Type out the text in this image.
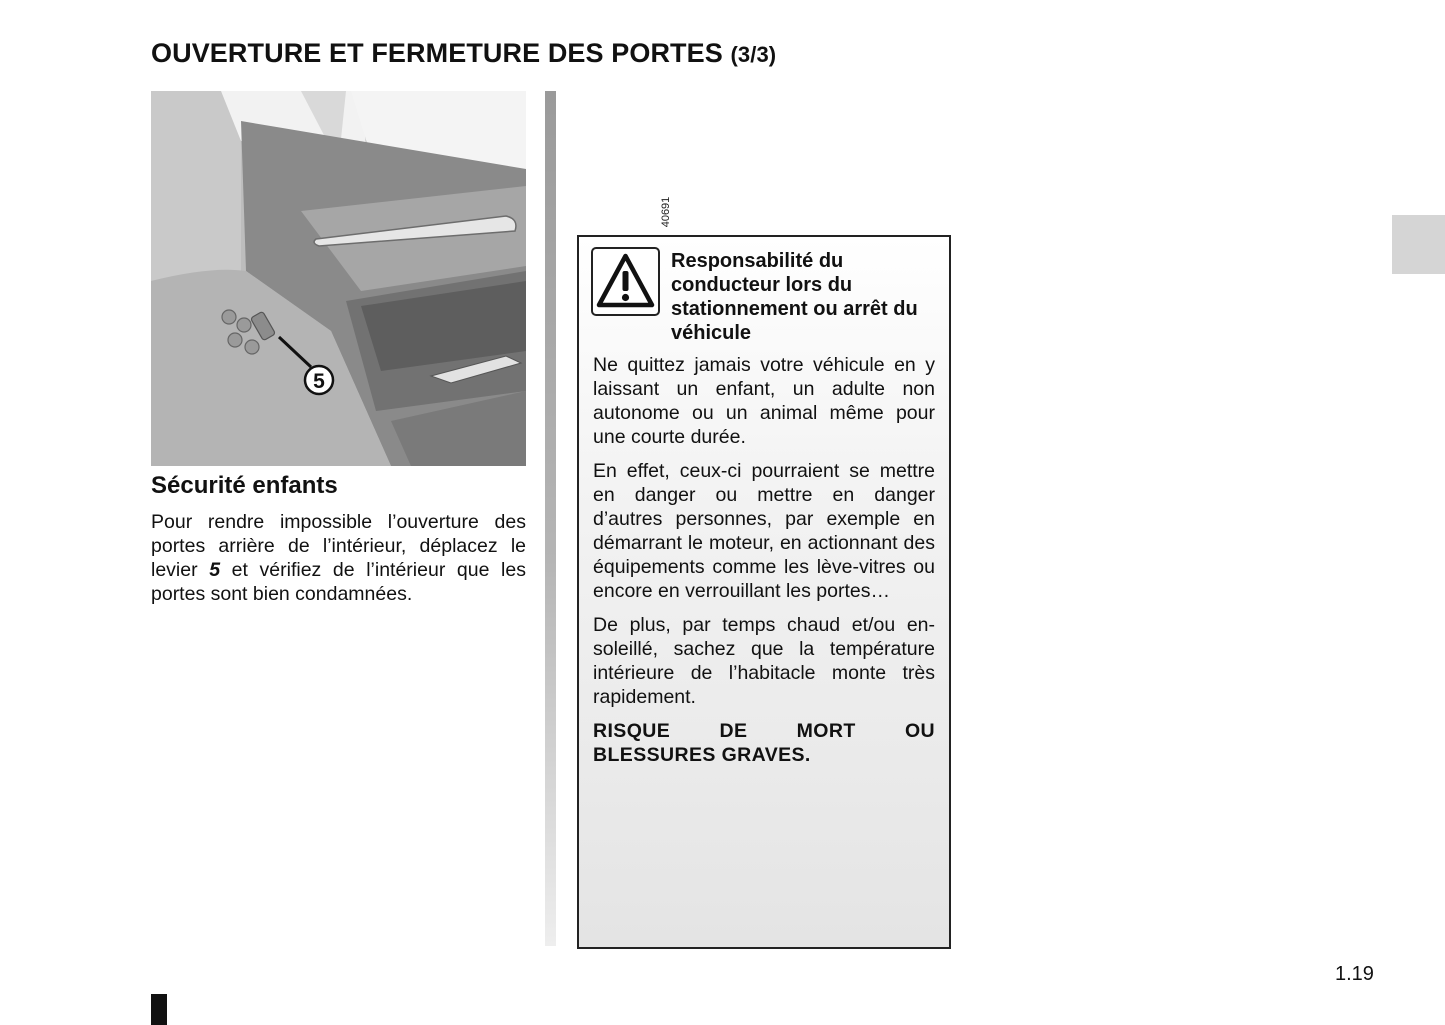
OUVERTURE ET FERMETURE DES PORTES (3/3)
5
40691
Sécurité enfants
Pour rendre impossible l’ouverture des portes arrière de l’intérieur, déplacez le levier 5 et vérifiez de l’intérieur que les portes sont bien condamnées.
Responsabilité du conducteur lors du stationnement ou arrêt du véhicule

Ne quittez jamais votre véhicule en y laissant un enfant, un adulte non autonome ou un animal même pour une courte durée.

En effet, ceux-ci pourraient se mettre en danger ou mettre en danger d’autres personnes, par exemple en démarrant le moteur, en actionnant des équipements comme les lève-vitres ou encore en verrouillant les portes…

De plus, par temps chaud et/ou en-soleillé, sachez que la température intérieure de l’habitacle monte très rapidement.

RISQUE DE MORT OU
BLESSURES GRAVES.

1.19
